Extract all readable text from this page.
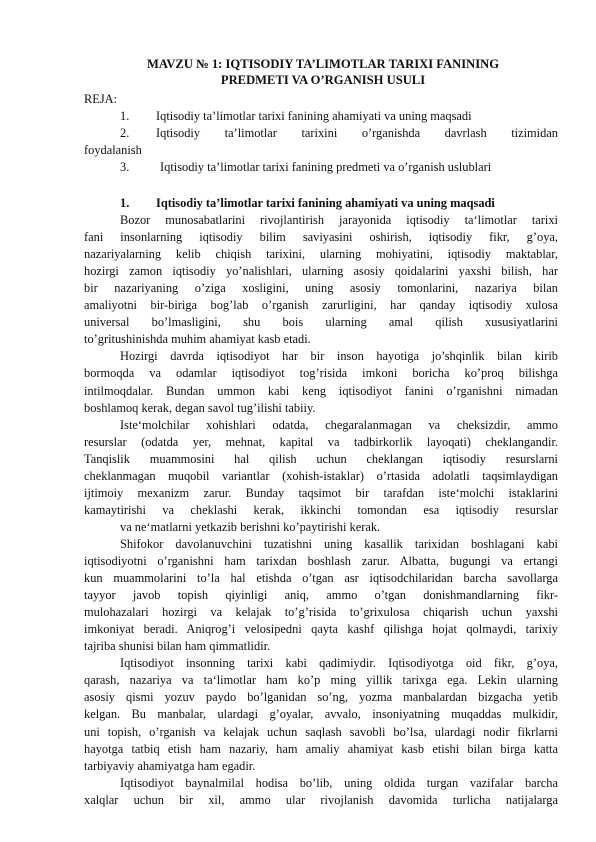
MAVZU № 1: IQTISODIY TA’LIMOTLAR TARIXI FANINING
PREDMETI VA O’RGANISH USULI
REJA:
1. Iqtisodiy ta’limotlar tarixi fanining ahamiyati va uning maqsadi
2. Iqtisodiy ta’limotlar tarixini o’rganishda davrlash tizimidan
foydalanish
3. Iqtisodiy ta’limotlar tarixi fanining predmeti va o’rganish uslublari
1. Iqtisodiy ta’limotlar tarixi fanining ahamiyati va uning maqsadi
Bozor munosabatlarini rivojlantirish jarayonida iqtisodiy ta‘limotlar tarixi
fani insonlarning iqtisodiy bilim saviyasini oshirish, iqtisodiy fikr, g’oya,
nazariyalarning kelib chiqish tarixini, ularning mohiyatini, iqtisodiy maktablar,
hozirgi zamon iqtisodiy yo’nalishlari, ularning asosiy qoidalarini yaxshi bilish, har
bir nazariyaning o’ziga xosligini, uning asosiy tomonlarini, nazariya bilan
amaliyotni bir-biriga bog’lab o’rganish zarurligini, har qanday iqtisodiy xulosa
universal bo’lmasligini, shu bois ularning amal qilish xususiyatlarini
to’gritushinishda muhim ahamiyat kasb etadi.
Hozirgi davrda iqtisodiyot har bir inson hayotiga jo’shqinlik bilan kirib
bormoqda va odamlar iqtisodiyot tog’risida imkoni boricha ko’proq bilishga
intilmoqdalar. Bundan ummon kabi keng iqtisodiyot fanini o’rganishni nimadan
boshlamoq kerak, degan savol tug’ilishi tabiiy.
Iste‘molchilar xohishlari odatda, chegaralanmagan va cheksizdir, ammo
resurslar (odatda yer, mehnat, kapital va tadbirkorlik layoqati) cheklangandir.
Tanqislik muammosini hal qilish uchun cheklangan iqtisodiy resurslarni
cheklanmagan muqobil variantlar (xohish-istaklar) o’rtasida adolatli taqsimlaydigan
ijtimoiy mexanizm zarur. Bunday taqsimot bir tarafdan iste‘molchi istaklarini
kamaytirishi va cheklashi kerak, ikkinchi tomondan esa iqtisodiy resurslar
va ne‘matlarni yetkazib berishni ko’paytirishi kerak.
Shifokor davolanuvchini tuzatishni uning kasallik tarixidan boshlagani kabi
iqtisodiyotni o’rganishni ham tarixdan boshlash zarur. Albatta, bugungi va ertangi
kun muammolarini to’la hal etishda o’tgan asr iqtisodchilaridan barcha savollarga
tayyor javob topish qiyinligi aniq, ammo o’tgan donishmandlarning fikr-
mulohazalari hozirgi va kelajak to’g’risida to’grixulosa chiqarish uchun yaxshi
imkoniyat beradi. Aniqrog’i velosipedni qayta kashf qilishga hojat qolmaydi, tarixiy
tajriba shunisi bilan ham qimmatlidir.
Iqtisodiyot insonning tarixi kabi qadimiydir. Iqtisodiyotga oid fikr, g’oya,
qarash, nazariya va ta‘limotlar ham ko’p ming yillik tarixga ega. Lekin ularning
asosiy qismi yozuv paydo bo’lganidan so’ng, yozma manbalardan bizgacha yetib
kelgan. Bu manbalar, ulardagi g’oyalar, avvalo, insoniyatning muqaddas mulkidir,
uni topish, o’rganish va kelajak uchun saqlash savobli bo’lsa, ulardagi nodir fikrlarni
hayotga tatbiq etish ham nazariy, ham amaliy ahamiyat kasb etishi bilan birga katta
tarbiyaviy ahamiyatga ham egadir.
Iqtisodiyot baynalmilal hodisa bo’lib, uning oldida turgan vazifalar barcha
xalqlar uchun bir xil, ammo ular rivojlanish davomida turlicha natijalarga
